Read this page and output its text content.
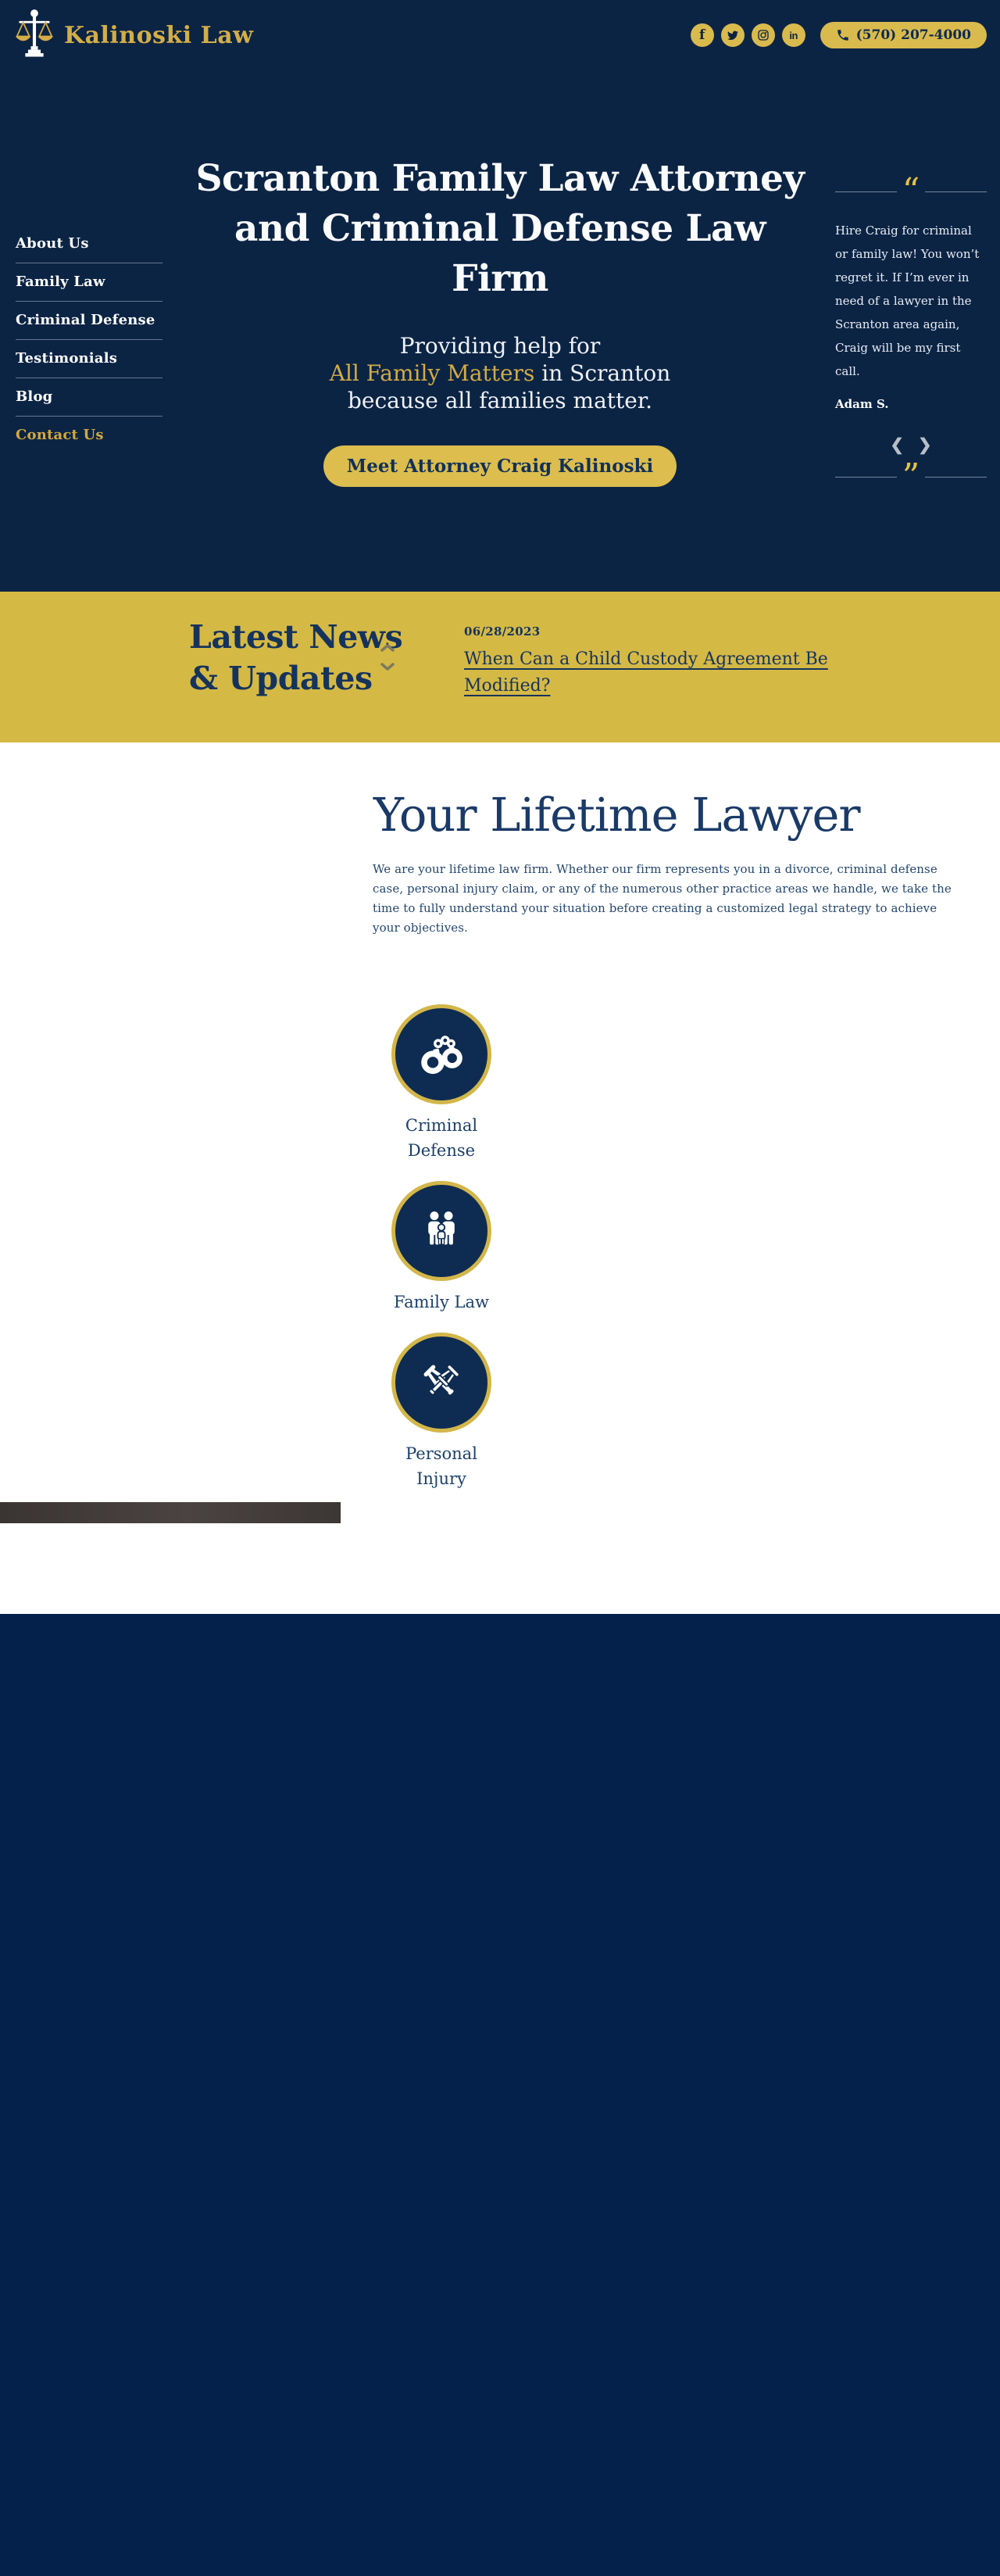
Kalinoski Law	f	in	(570) 207-4000
About Us
Family Law
Criminal Defense
Testimonials
Blog
Contact Us
Scranton Family Law Attorney
and Criminal Defense Law
Firm
Providing help for
All Family Matters in Scranton
because all families matter.
Meet Attorney Craig Kalinoski
“

Hire Craig for criminal or family law! You won’t regret it. If I’m ever in need of a lawyer in the Scranton area again, Craig will be my first call.

Adam S.
❮ ❯
”
Latest News
& Updates
06/28/2023
When Can a Child Custody Agreement Be Modified?
Your Lifetime Lawyer

We are your lifetime law firm. Whether our firm represents you in a divorce, criminal defense case, personal injury claim, or any of the numerous other practice areas we handle, we take the time to fully understand your situation before creating a customized legal strategy to achieve your objectives.

Criminal Defense
Family Law
Personal Injury
